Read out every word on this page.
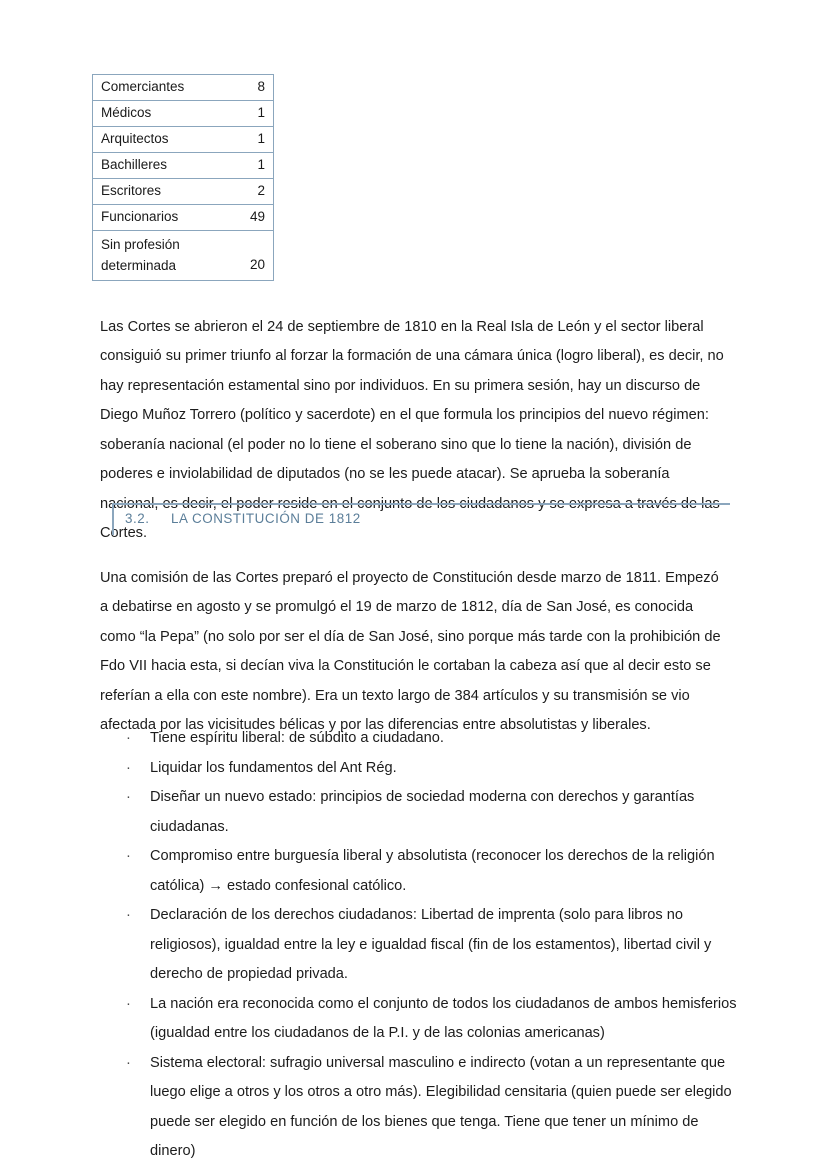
Comerciantes	8

Médicos	1

Arquitectos	1

Bachilleres	1

Escritores	2

Funcionarios	49

Sin profesión
determinada	20

Las Cortes se abrieron el 24 de septiembre de 1810 en la Real Isla de León y el sector liberal consiguió su primer triunfo al forzar la formación de una cámara única (logro liberal), es decir, no hay representación estamental sino por individuos. En su primera sesión, hay un discurso de Diego Muñoz Torrero (político y sacerdote) en el que formula los principios del nuevo régimen: soberanía nacional (el poder no lo tiene el soberano sino que lo tiene la nación), división de poderes e inviolabilidad de diputados (no se les puede atacar). Se aprueba la soberanía nacional, es decir, el poder reside en el conjunto de los ciudadanos y se expresa a través de las Cortes.

3.2. LA CONSTITUCIÓN DE 1812

Una comisión de las Cortes preparó el proyecto de Constitución desde marzo de 1811. Empezó a debatirse en agosto y se promulgó el 19 de marzo de 1812, día de San José, es conocida como “la Pepa” (no solo por ser el día de San José, sino porque más tarde con la prohibición de Fdo VII hacia esta, si decían viva la Constitución le cortaban la cabeza así que al decir esto se referían a ella con este nombre). Era un texto largo de 384 artículos y su transmisión se vio afectada por las vicisitudes bélicas y por las diferencias entre absolutistas y liberales.

· Tiene espíritu liberal: de súbdito a ciudadano.
· Liquidar los fundamentos del Ant Rég.
· Diseñar un nuevo estado: principios de sociedad moderna con derechos y garantías ciudadanas.
· Compromiso entre burguesía liberal y absolutista (reconocer los derechos de la religión católica) → estado confesional católico.
· Declaración de los derechos ciudadanos: Libertad de imprenta (solo para libros no religiosos), igualdad entre la ley e igualdad fiscal (fin de los estamentos), libertad civil y derecho de propiedad privada.
· La nación era reconocida como el conjunto de todos los ciudadanos de ambos hemisferios (igualdad entre los ciudadanos de la P.I. y de las colonias americanas)
· Sistema electoral: sufragio universal masculino e indirecto (votan a un representante que luego elige a otros y los otros a otro más). Elegibilidad censitaria (quien puede ser elegido puede ser elegido en función de los bienes que tenga. Tiene que tener un mínimo de dinero)
